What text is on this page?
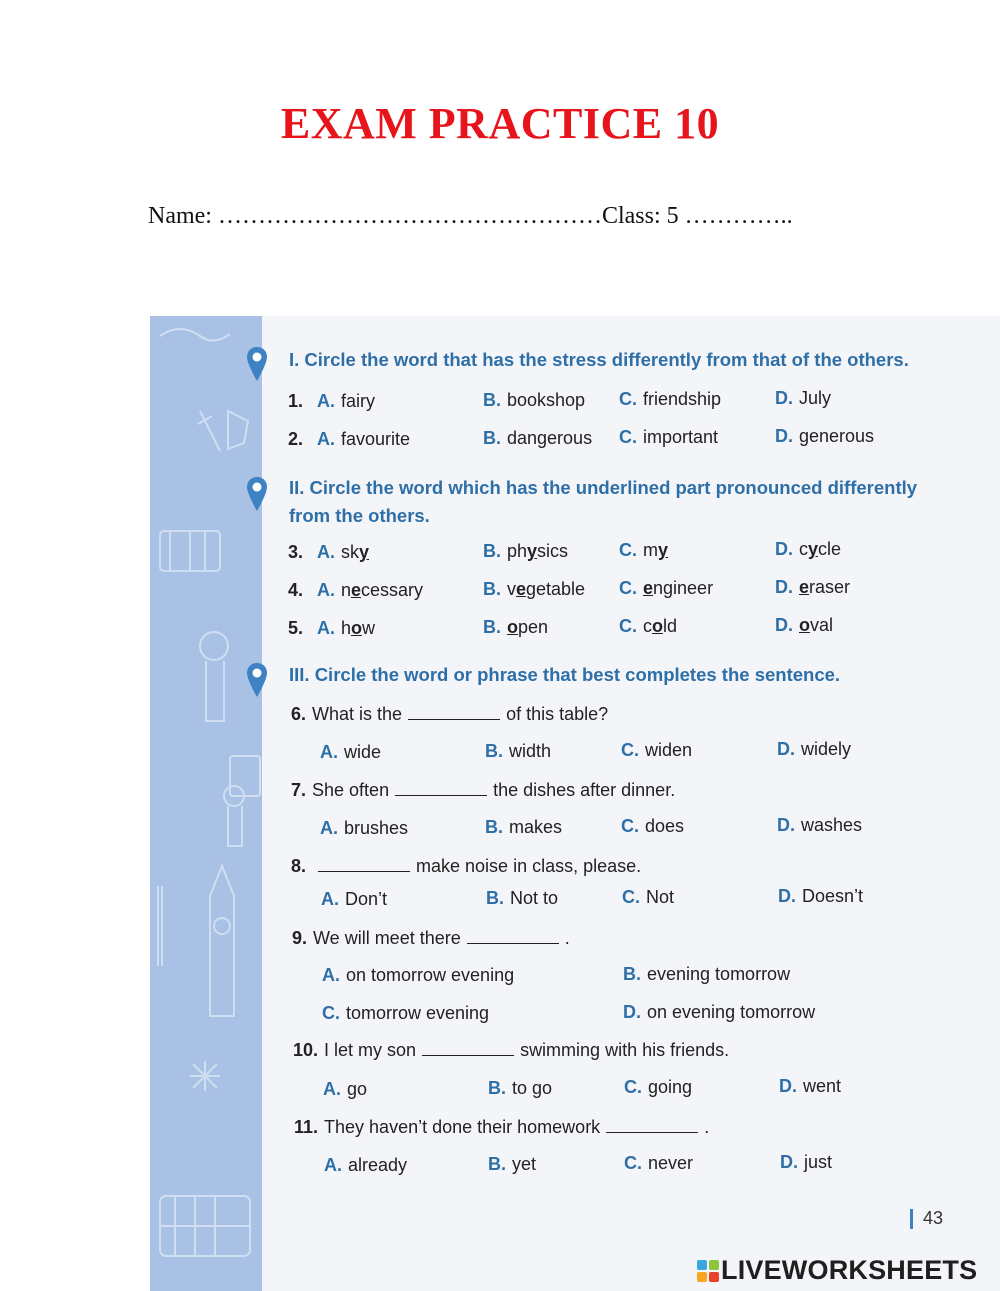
EXAM PRACTICE 10
Name: …………………………………………Class: 5 …………..
I. Circle the word that has the stress differently from that of the others.
1. A. fairy	B. bookshop C. friendship	D. July
2. A. favourite	B. dangerous C. important	D. generous
II. Circle the word which has the underlined part pronounced differently from the others.
3. A. sky	B. physics	C. my	D. cycle
4. A. necessary	B. vegetable C. engineer	D. eraser
5. A. how	B. open	C. cold	D. oval
III. Circle the word or phrase that best completes the sentence.
6. What is the	of this table?
A. wide	B. width	C. widen	D. widely
7. She often	the dishes after dinner.
A. brushes	B. makes	C. does	D. washes
8.	make noise in class, please.
A. Don’t	B. Not to	C. Not	D. Doesn’t
9. We will meet there	.
A. on tomorrow evening	B. evening tomorrow
C. tomorrow evening	D. on evening tomorrow
10. I let my son	swimming with his friends.
A. go	B. to go	C. going	D. went
11. They haven’t done their homework	.
A. already	B. yet	C. never	D. just
43
LIVEWORKSHEETS
